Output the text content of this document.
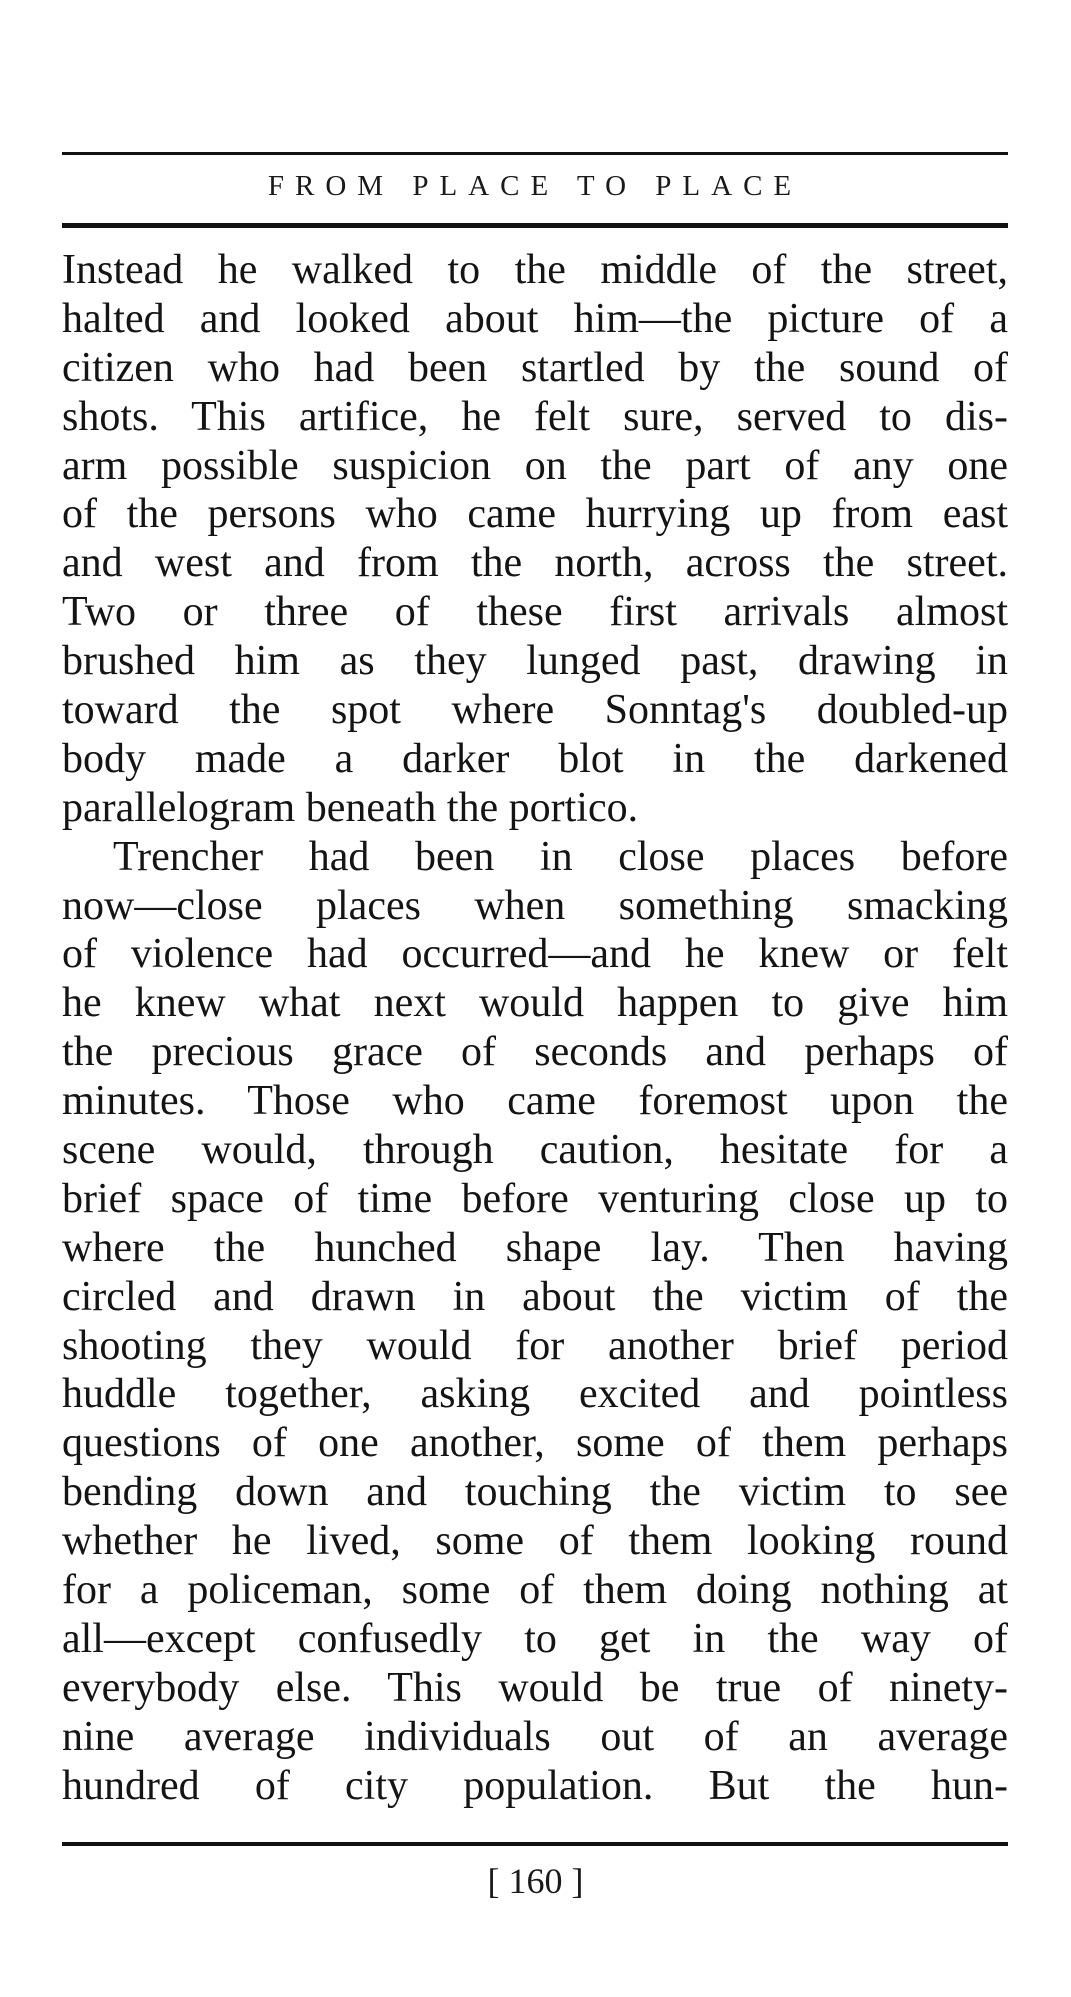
FROM PLACE TO PLACE
Instead he walked to the middle of the street,
halted and looked about him—the picture of a
citizen who had been startled by the sound of
shots. This artifice, he felt sure, served to dis-
arm possible suspicion on the part of any one
of the persons who came hurrying up from east
and west and from the north, across the street.
Two or three of these first arrivals almost
brushed him as they lunged past, drawing in
toward the spot where Sonntag's doubled-up
body made a darker blot in the darkened
parallelogram beneath the portico.
Trencher had been in close places before
now—close places when something smacking
of violence had occurred—and he knew or felt
he knew what next would happen to give him
the precious grace of seconds and perhaps of
minutes. Those who came foremost upon the
scene would, through caution, hesitate for a
brief space of time before venturing close up to
where the hunched shape lay. Then having
circled and drawn in about the victim of the
shooting they would for another brief period
huddle together, asking excited and pointless
questions of one another, some of them perhaps
bending down and touching the victim to see
whether he lived, some of them looking round
for a policeman, some of them doing nothing at
all—except confusedly to get in the way of
everybody else. This would be true of ninety-
nine average individuals out of an average
hundred of city population. But the hun-
[ 160 ]
